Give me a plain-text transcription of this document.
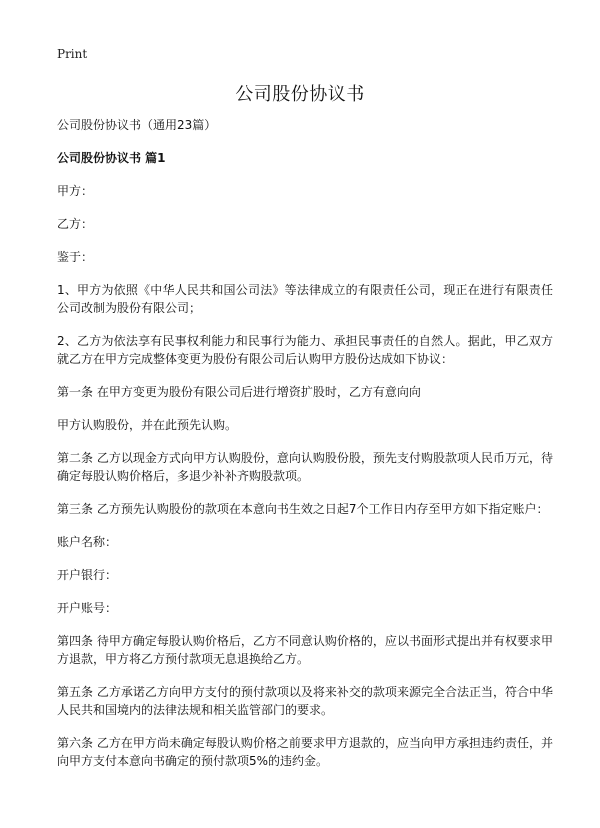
Print
公司股份协议书

公司股份协议书（通用23篇）

公司股份协议书 篇1

甲方：

乙方：

鉴于：

1、甲方为依照《中华人民共和国公司法》等法律成立的有限责任公司，现正在进行有限责任公司改制为股份有限公司；

2、乙方为依法享有民事权利能力和民事行为能力、承担民事责任的自然人。据此，甲乙双方就乙方在甲方完成整体变更为股份有限公司后认购甲方股份达成如下协议：

第一条 在甲方变更为股份有限公司后进行增资扩股时，乙方有意向向

甲方认购股份，并在此预先认购。

第二条 乙方以现金方式向甲方认购股份，意向认购股份股，预先支付购股款项人民币万元，待确定每股认购价格后，多退少补补齐购股款项。

第三条 乙方预先认购股份的款项在本意向书生效之日起7个工作日内存至甲方如下指定账户：

账户名称：

开户银行：

开户账号：

第四条 待甲方确定每股认购价格后，乙方不同意认购价格的，应以书面形式提出并有权要求甲方退款，甲方将乙方预付款项无息退换给乙方。

第五条 乙方承诺乙方向甲方支付的预付款项以及将来补交的款项来源完全合法正当，符合中华人民共和国境内的法律法规和相关监管部门的要求。

第六条 乙方在甲方尚未确定每股认购价格之前要求甲方退款的，应当向甲方承担违约责任，并向甲方支付本意向书确定的预付款项5%的违约金。
